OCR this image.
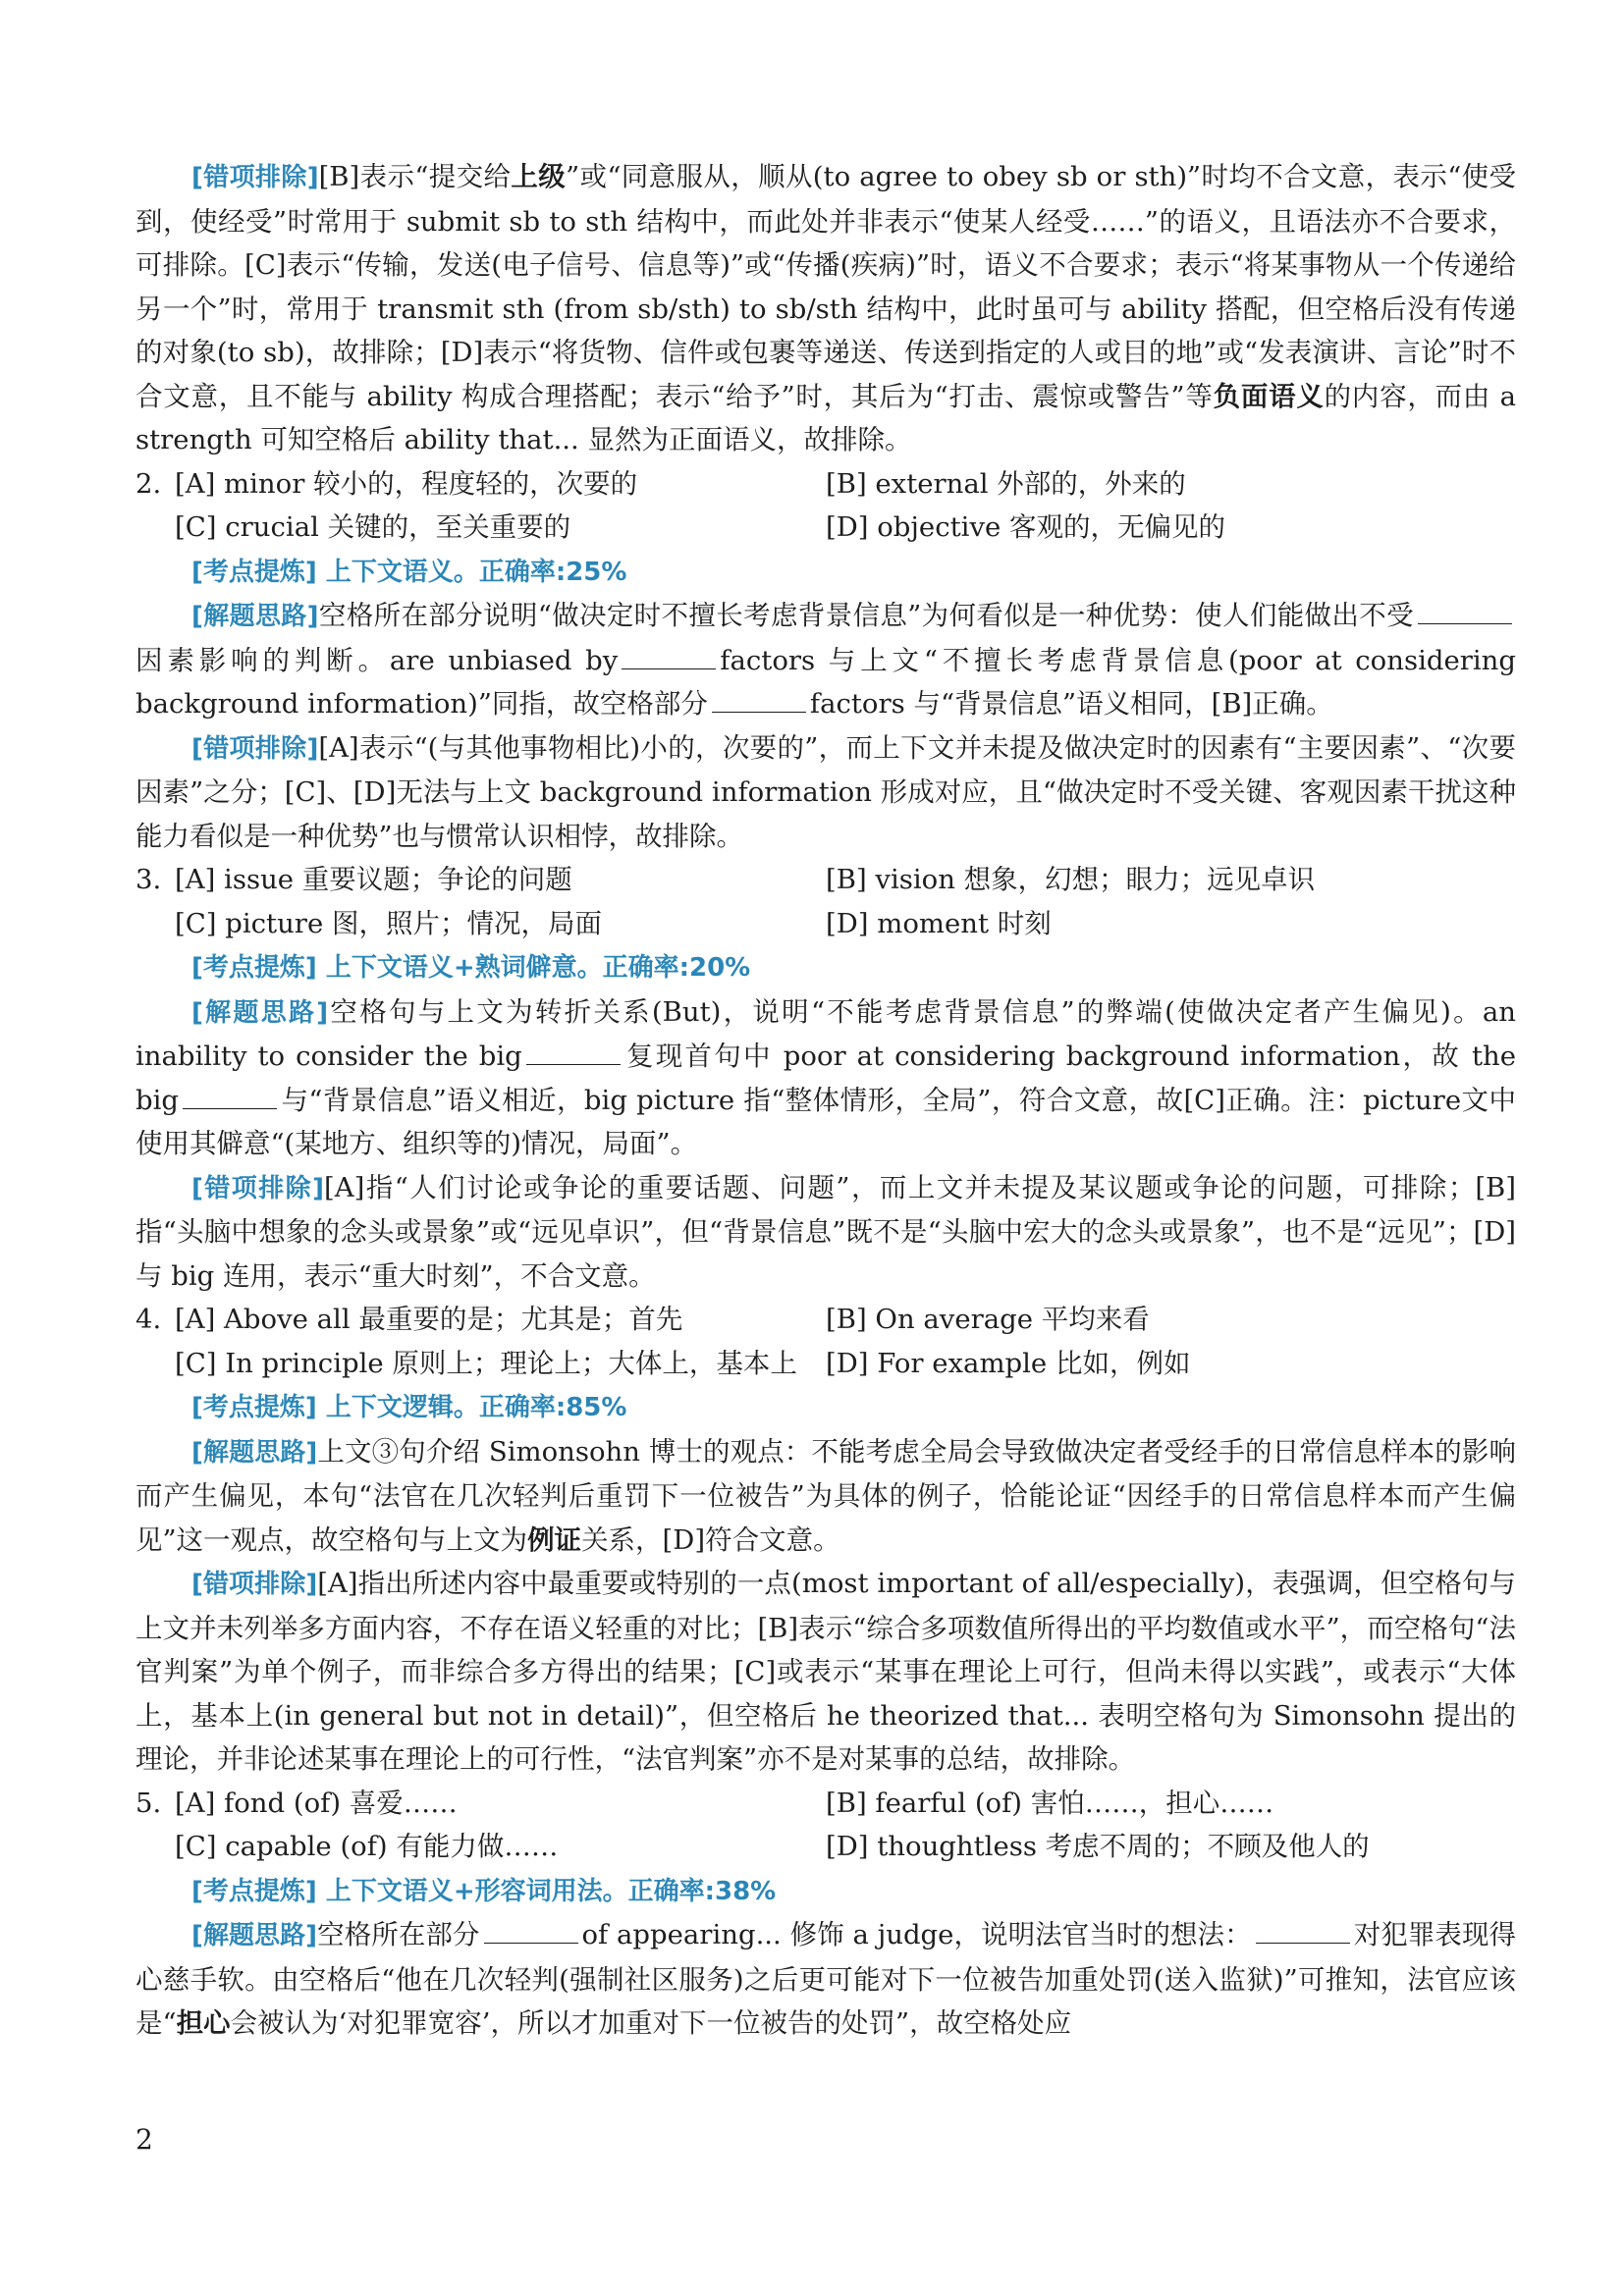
[错项排除][B]表示“提交给上级”或“同意服从，顺从(to agree to obey sb or sth)”时均不合文意，表示“使受到，使经受”时常用于 submit sb to sth 结构中，而此处并非表示“使某人经受……”的语义，且语法亦不合要求，可排除。[C]表示“传输，发送(电子信号、信息等)”或“传播(疾病)”时，语义不合要求；表示“将某事物从一个传递给另一个”时，常用于 transmit sth (from sb/sth) to sb/sth 结构中，此时虽可与 ability 搭配，但空格后没有传递的对象(to sb)，故排除；[D]表示“将货物、信件或包裹等递送、传送到指定的人或目的地”或“发表演讲、言论”时不合文意，且不能与 ability 构成合理搭配；表示“给予”时，其后为“打击、震惊或警告”等负面语义的内容，而由 a strength 可知空格后 ability that... 显然为正面语义，故排除。

2. [A] minor 较小的，程度轻的，次要的	[B] external 外部的，外来的
[C] crucial 关键的，至关重要的	[D] objective 客观的，无偏见的

[考点提炼] 上下文语义。正确率:25%

[解题思路]空格所在部分说明“做决定时不擅长考虑背景信息”为何看似是一种优势：使人们能做出不受因素影响的判断。are unbiased by	factors 与上文“不擅长考虑背景信息(poor at considering background information)”同指，故空格部分	factors 与“背景信息”语义相同，[B]正确。

[错项排除][A]表示“(与其他事物相比)小的，次要的”，而上下文并未提及做决定时的因素有“主要因素”、“次要因素”之分；[C]、[D]无法与上文 background information 形成对应，且“做决定时不受关键、客观因素干扰这种能力看似是一种优势”也与惯常认识相悖，故排除。

3. [A] issue 重要议题；争论的问题	[B] vision 想象，幻想；眼力；远见卓识
[C] picture 图，照片；情况，局面	[D] moment 时刻

[考点提炼] 上下文语义+熟词僻意。正确率:20%

[解题思路]空格句与上文为转折关系(But)，说明“不能考虑背景信息”的弊端(使做决定者产生偏见)。an inability to consider the big	复现首句中 poor at considering background information，故 the big	与“背景信息”语义相近，big picture 指“整体情形，全局”，符合文意，故[C]正确。注：picture文中使用其僻意“(某地方、组织等的)情况，局面”。

[错项排除][A]指“人们讨论或争论的重要话题、问题”，而上文并未提及某议题或争论的问题，可排除；[B]指“头脑中想象的念头或景象”或“远见卓识”，但“背景信息”既不是“头脑中宏大的念头或景象”，也不是“远见”；[D]与 big 连用，表示“重大时刻”，不合文意。

4. [A] Above all 最重要的是；尤其是；首先	[B] On average 平均来看
[C] In principle 原则上；理论上；大体上，基本上	[D] For example 比如，例如

[考点提炼] 上下文逻辑。正确率:85%

[解题思路]上文③句介绍 Simonsohn 博士的观点：不能考虑全局会导致做决定者受经手的日常信息样本的影响而产生偏见，本句“法官在几次轻判后重罚下一位被告”为具体的例子，恰能论证“因经手的日常信息样本而产生偏见”这一观点，故空格句与上文为例证关系，[D]符合文意。

[错项排除][A]指出所述内容中最重要或特别的一点(most important of all/especially)，表强调，但空格句与上文并未列举多方面内容，不存在语义轻重的对比；[B]表示“综合多项数值所得出的平均数值或水平”，而空格句“法官判案”为单个例子，而非综合多方得出的结果；[C]或表示“某事在理论上可行，但尚未得以实践”，或表示“大体上，基本上(in general but not in detail)”，但空格后 he theorized that... 表明空格句为 Simonsohn 提出的理论，并非论述某事在理论上的可行性，“法官判案”亦不是对某事的总结，故排除。

5. [A] fond (of) 喜爱……	[B] fearful (of) 害怕……，担心……
[C] capable (of) 有能力做……	[D] thoughtless 考虑不周的；不顾及他人的

[考点提炼] 上下文语义+形容词用法。正确率:38%

[解题思路]空格所在部分	of appearing... 修饰 a judge，说明法官当时的想法：	对犯罪表现得心慈手软。由空格后“他在几次轻判(强制社区服务)之后更可能对下一位被告加重处罚(送入监狱)”可推知，法官应该是“担心会被认为‘对犯罪宽容’，所以才加重对下一位被告的处罚”，故空格处应

2
